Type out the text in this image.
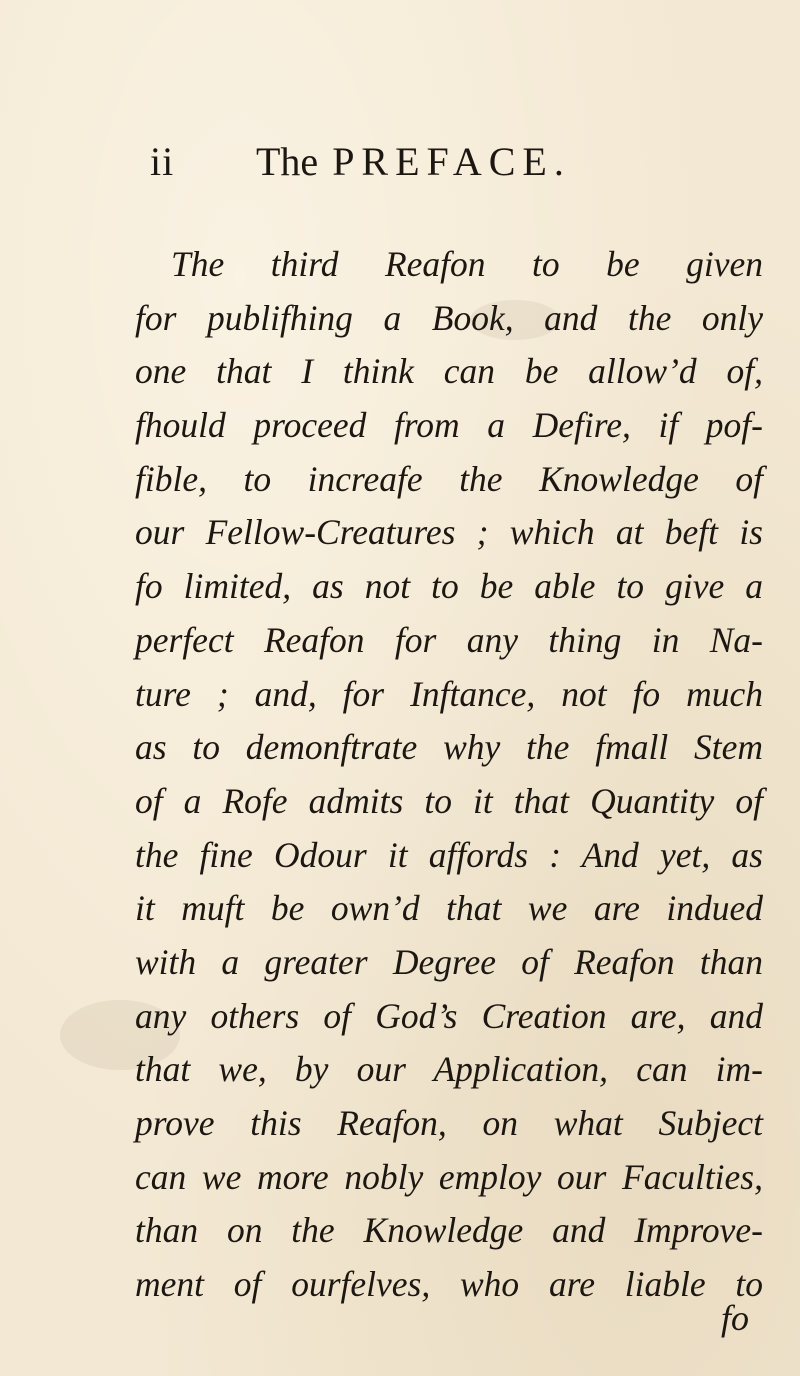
ii The PREFACE.
The third Reafon to be given
for publifhing a Book, and the only
one that I think can be allow’d of,
fhould proceed from a Defire, if pof-
fible, to increafe the Knowledge of
our Fellow-Creatures ; which at beft is
fo limited, as not to be able to give a
perfect Reafon for any thing in Na-
ture ; and, for Inftance, not fo much
as to demonftrate why the fmall Stem
of a Rofe admits to it that Quantity of
the fine Odour it affords : And yet, as
it muft be own’d that we are indued
with a greater Degree of Reafon than
any others of God’s Creation are, and
that we, by our Application, can im-
prove this Reafon, on what Subject
can we more nobly employ our Faculties,
than on the Knowledge and Improve-
ment of ourfelves, who are liable to
fo
